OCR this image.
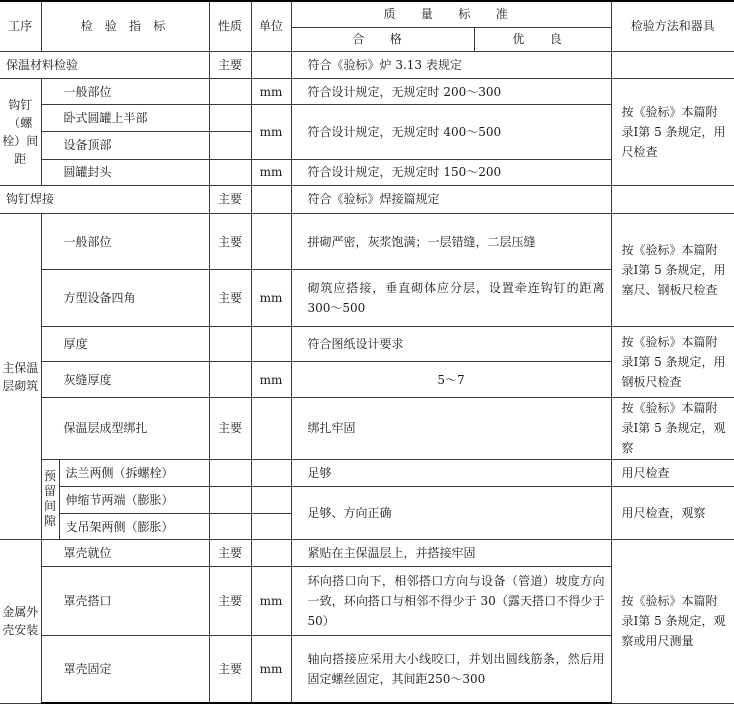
工序	检 验 指 标		性质	单位	质 量 标 准		检验方法和器具
					合 格	优 良	
保温材料检验			主要		符合《验标》炉 3.13 表规定		
钩钉（螺栓）间距	一般部位			mm	符合设计规定，无规定时 200～300		按《验标》本篇附录Ⅰ第 5 条规定，用尺检查
	卧式圆罐上半部			mm	符合设计规定，无规定时 400～500		
	设备顶部						
	圆罐封头			mm	符合设计规定，无规定时 150～200		
钩钉焊接			主要		符合《验标》焊接篇规定		
主保温层砌筑	一般部位		主要		拼砌严密，灰浆饱满；一层错缝，二层压缝		按《验标》本篇附录Ⅰ第 5 条规定，用塞尺、钢板尺检查
	方型设备四角		主要	mm	砌筑应搭接，垂直砌体应分层，设置牵连钩钉的距离 300～500		
	厚度				符合图纸设计要求		按《验标》本篇附录Ⅰ第 5 条规定，用钢板尺检查
	灰缝厚度			mm	5～7		
	保温层成型绑扎		主要		绑扎牢固		按《验标》本篇附录Ⅰ第 5 条规定，观察
	预留间隙	法兰两侧（拆螺栓）			足够		用尺检查
		伸缩节两端（膨胀）			足够、方向正确		用尺检查，观察
		支吊架两侧（膨胀）					
金属外壳安装	罩壳就位		主要		紧贴在主保温层上，并搭接牢固		按《验标》本篇附录Ⅰ第 5 条规定，观察或用尺测量
	罩壳搭口		主要	mm	环向搭口向下，相邻搭口方向与设备（管道）坡度方向一致，环向搭口与相邻不得少于 30（露天搭口不得少于 50）		
	罩壳固定		主要	mm	轴向搭接应采用大小线咬口，并划出圆线筋条，然后用固定螺丝固定，其间距250～300		
